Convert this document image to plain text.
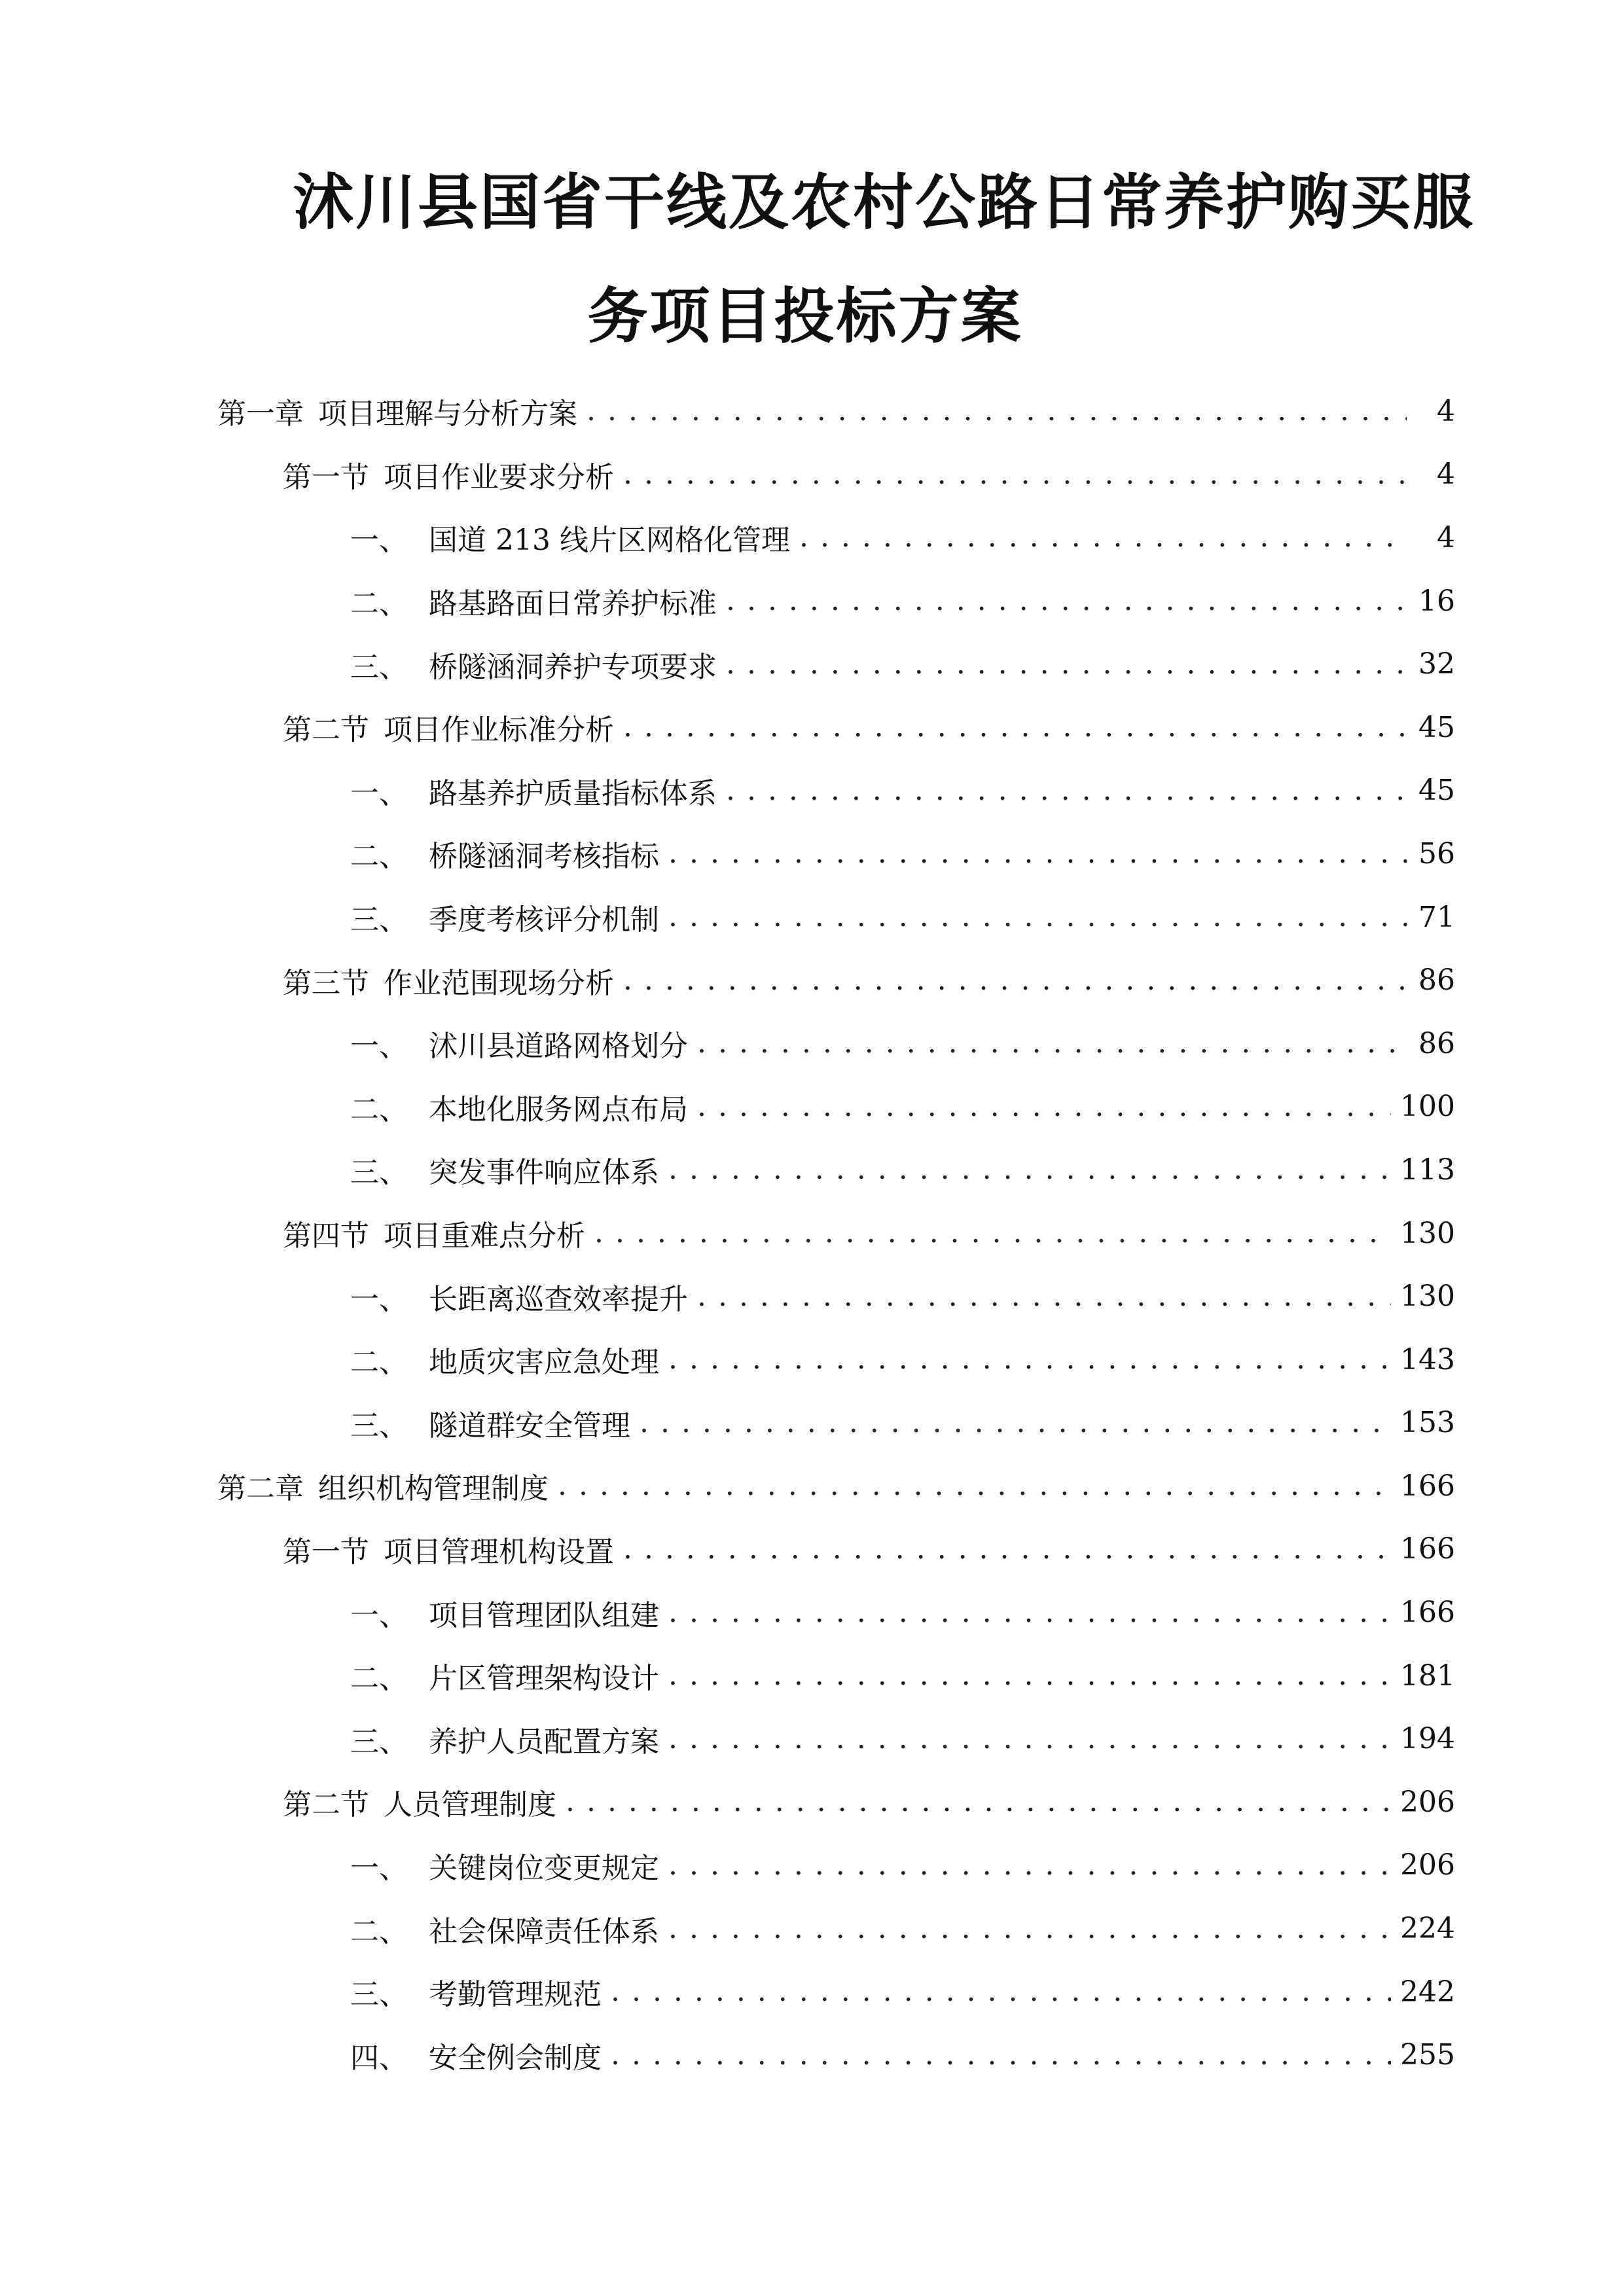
沭川县国省干线及农村公路日常养护购买服
务项目投标方案
第一章 项目理解与分析方案 . . .	4
第一节 项目作业要求分析 . . .	4
一、 国道 213 线片区网格化管理 . . .	4
二、 路基路面日常养护标准 . . .	16
三、 桥隧涵洞养护专项要求 . . .	32
第二节 项目作业标准分析 . . .	45
一、 路基养护质量指标体系 . . .	45
二、 桥隧涵洞考核指标 . . .	56
三、 季度考核评分机制 . . .	71
第三节 作业范围现场分析 . . .	86
一、 沭川县道路网格划分 . . .	86
二、 本地化服务网点布局 . . .	100
三、 突发事件响应体系 . . .	113
第四节 项目重难点分析 . . .	130
一、 长距离巡查效率提升 . . .	130
二、 地质灾害应急处理 . . .	143
三、 隧道群安全管理 . . .	153
第二章 组织机构管理制度 . . .	166
第一节 项目管理机构设置 . . .	166
一、 项目管理团队组建 . . .	166
二、 片区管理架构设计 . . .	181
三、 养护人员配置方案 . . .	194
第二节 人员管理制度 . . .	206
一、 关键岗位变更规定 . . .	206
二、 社会保障责任体系 . . .	224
三、 考勤管理规范 . . .	242
四、 安全例会制度 . . .	255
